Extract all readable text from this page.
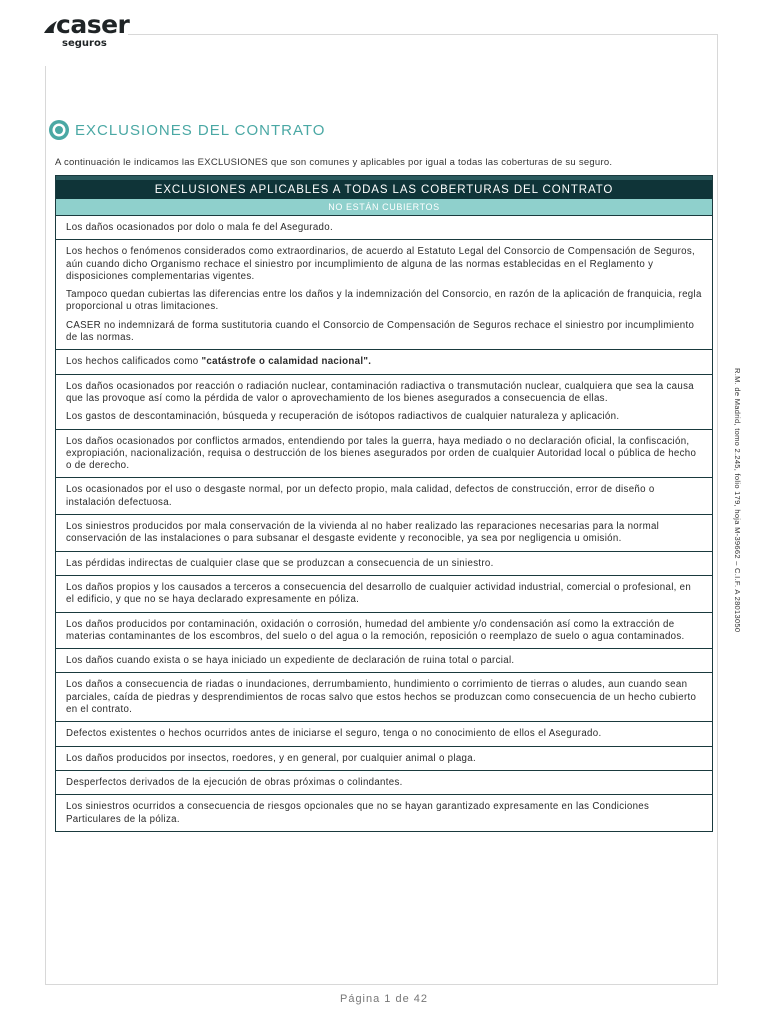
caser
seguros
EXCLUSIONES DEL CONTRATO
A continuación le indicamos las EXCLUSIONES que son comunes y aplicables por igual a todas las coberturas de su seguro.
EXCLUSIONES APLICABLES A TODAS LAS COBERTURAS DEL CONTRATO
NO ESTÁN CUBIERTOS

Los daños ocasionados por dolo o mala fe del Asegurado.

Los hechos o fenómenos considerados como extraordinarios, de acuerdo al Estatuto Legal del Consorcio de Compensación de Seguros, aún cuando dicho Organismo rechace el siniestro por incumplimiento de alguna de las normas establecidas en el Reglamento y disposiciones complementarias vigentes.

Tampoco quedan cubiertas las diferencias entre los daños y la indemnización del Consorcio, en razón de la aplicación de franquicia, regla proporcional u otras limitaciones.

CASER no indemnizará de forma sustitutoria cuando el Consorcio de Compensación de Seguros rechace el siniestro por incumplimiento de las normas.

Los hechos calificados como "catástrofe o calamidad nacional".

Los daños ocasionados por reacción o radiación nuclear, contaminación radiactiva o transmutación nuclear, cualquiera que sea la causa que las provoque así como la pérdida de valor o aprovechamiento de los bienes asegurados a consecuencia de ellas.

Los gastos de descontaminación, búsqueda y recuperación de isótopos radiactivos de cualquier naturaleza y aplicación.

Los daños ocasionados por conflictos armados, entendiendo por tales la guerra, haya mediado o no declaración oficial, la confiscación, expropiación, nacionalización, requisa o destrucción de los bienes asegurados por orden de cualquier Autoridad local o pública de hecho o de derecho.

Los ocasionados por el uso o desgaste normal, por un defecto propio, mala calidad, defectos de construcción, error de diseño o instalación defectuosa.

Los siniestros producidos por mala conservación de la vivienda al no haber realizado las reparaciones necesarias para la normal conservación de las instalaciones o para subsanar el desgaste evidente y reconocible, ya sea por negligencia u omisión.

Las pérdidas indirectas de cualquier clase que se produzcan a consecuencia de un siniestro.

Los daños propios y los causados a terceros a consecuencia del desarrollo de cualquier actividad industrial, comercial o profesional, en el edificio, y que no se haya declarado expresamente en póliza.

Los daños producidos por contaminación, oxidación o corrosión, humedad del ambiente y/o condensación así como la extracción de materias contaminantes de los escombros, del suelo o del agua o la remoción, reposición o reemplazo de suelo o agua contaminados.

Los daños cuando exista o se haya iniciado un expediente de declaración de ruina total o parcial.

Los daños a consecuencia de riadas o inundaciones, derrumbamiento, hundimiento o corrimiento de tierras o aludes, aun cuando sean parciales, caída de piedras y desprendimientos de rocas salvo que estos hechos se produzcan como consecuencia de un hecho cubierto en el contrato.

Defectos existentes o hechos ocurridos antes de iniciarse el seguro, tenga o no conocimiento de ellos el Asegurado.

Los daños producidos por insectos, roedores, y en general, por cualquier animal o plaga.

Desperfectos derivados de la ejecución de obras próximas o colindantes.

Los siniestros ocurridos a consecuencia de riesgos opcionales que no se hayan garantizado expresamente en las Condiciones Particulares de la póliza.

R.M. de Madrid, tomo 2.245, folio 179, hoja M-39662 – C.I.F. A 28013050
Página 1 de 42
